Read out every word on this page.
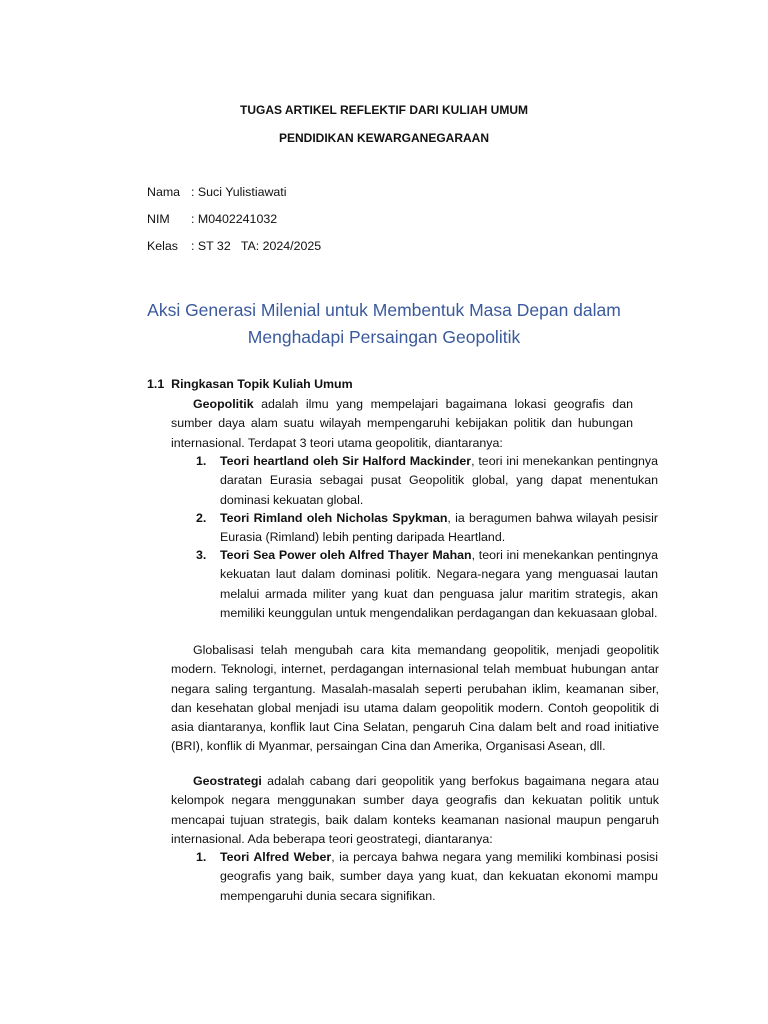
TUGAS ARTIKEL REFLEKTIF DARI KULIAH UMUM
PENDIDIKAN KEWARGANEGARAAN
Nama : Suci Yulistiawati
NIM : M0402241032
Kelas : ST 32   TA: 2024/2025
Aksi Generasi Milenial untuk Membentuk Masa Depan dalam
Menghadapi Persaingan Geopolitik
1.1 Ringkasan Topik Kuliah Umum
Geopolitik adalah ilmu yang mempelajari bagaimana lokasi geografis dan sumber daya alam suatu wilayah mempengaruhi kebijakan politik dan hubungan internasional. Terdapat 3 teori utama geopolitik, diantaranya:
1. Teori heartland oleh Sir Halford Mackinder, teori ini menekankan pentingnya daratan Eurasia sebagai pusat Geopolitik global, yang dapat menentukan dominasi kekuatan global.
2. Teori Rimland oleh Nicholas Spykman, ia beragumen bahwa wilayah pesisir Eurasia (Rimland) lebih penting daripada Heartland.
3. Teori Sea Power oleh Alfred Thayer Mahan, teori ini menekankan pentingnya kekuatan laut dalam dominasi politik. Negara-negara yang menguasai lautan melalui armada militer yang kuat dan penguasa jalur maritim strategis, akan memiliki keunggulan untuk mengendalikan perdagangan dan kekuasaan global.
Globalisasi telah mengubah cara kita memandang geopolitik, menjadi geopolitik modern. Teknologi, internet, perdagangan internasional telah membuat hubungan antar negara saling tergantung. Masalah-masalah seperti perubahan iklim, keamanan siber, dan kesehatan global menjadi isu utama dalam geopolitik modern. Contoh geopolitik di asia diantaranya, konflik laut Cina Selatan, pengaruh Cina dalam belt and road initiative (BRI), konflik di Myanmar, persaingan Cina dan Amerika, Organisasi Asean, dll.
Geostrategi adalah cabang dari geopolitik yang berfokus bagaimana negara atau kelompok negara menggunakan sumber daya geografis dan kekuatan politik untuk mencapai tujuan strategis, baik dalam konteks keamanan nasional maupun pengaruh internasional. Ada beberapa teori geostrategi, diantaranya:
1. Teori Alfred Weber, ia percaya bahwa negara yang memiliki kombinasi posisi geografis yang baik, sumber daya yang kuat, dan kekuatan ekonomi mampu mempengaruhi dunia secara signifikan.
